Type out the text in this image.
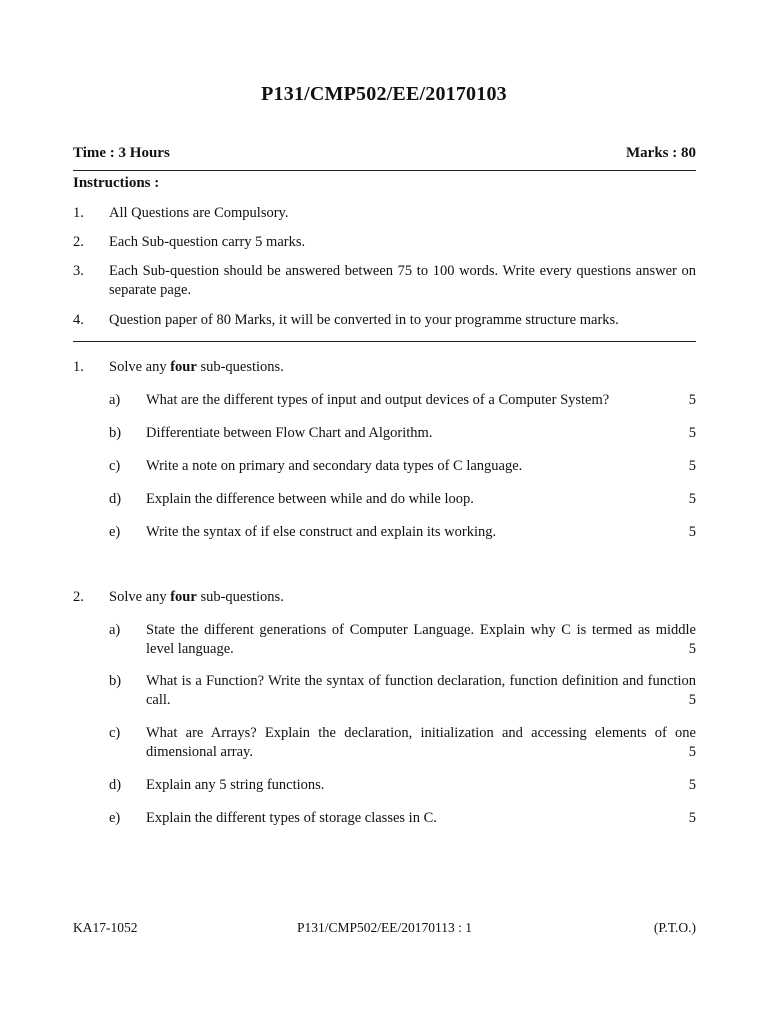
P131/CMP502/EE/20170103
Time : 3 Hours	Marks : 80
Instructions :
1. All Questions are Compulsory.
2. Each Sub-question carry 5 marks.
3. Each Sub-question should be answered between 75 to 100 words. Write every questions answer on separate page.
4. Question paper of 80 Marks, it will be converted in to your programme structure marks.
1. Solve any four sub-questions.
a) What are the different types of input and output devices of a Computer System?	5
b) Differentiate between Flow Chart and Algorithm.	5
c) Write a note on primary and secondary data types of C language.	5
d) Explain the difference between while and do while loop.	5
e) Write the syntax of if else construct and explain its working.	5
2. Solve any four sub-questions.
a) State the different generations of Computer Language. Explain why C is termed as middle level language.	5
b) What is a Function? Write the syntax of function declaration, function definition and function call.	5
c) What are Arrays? Explain the declaration, initialization and accessing elements of one dimensional array.	5
d) Explain any 5 string functions.	5
e) Explain the different types of storage classes in C.	5
P131/CMP502/EE/20170113 : 1
KA17-1052	(P.T.O.)
